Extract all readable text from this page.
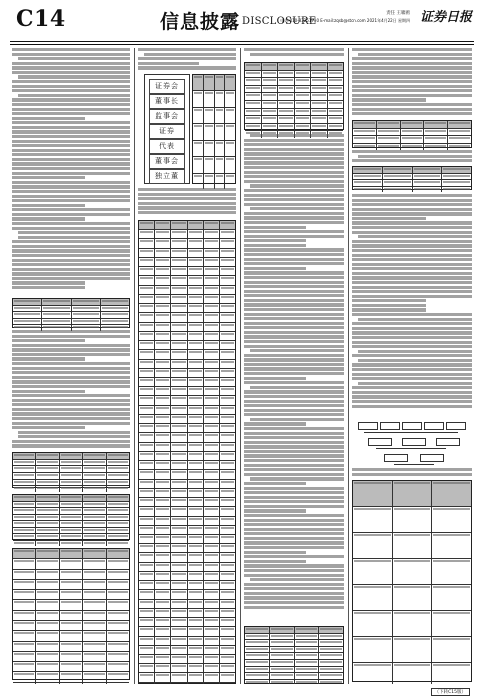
C14	信息披露 DISCLOSURE
责任 王啸鸥
电话:010-83251730 E-mail:zqsb@stcn.com 2021年4月22日 星期四 证券日报
证券会
董事长
监事会
证券
代表
董事会
独立董
（下转C15版）
